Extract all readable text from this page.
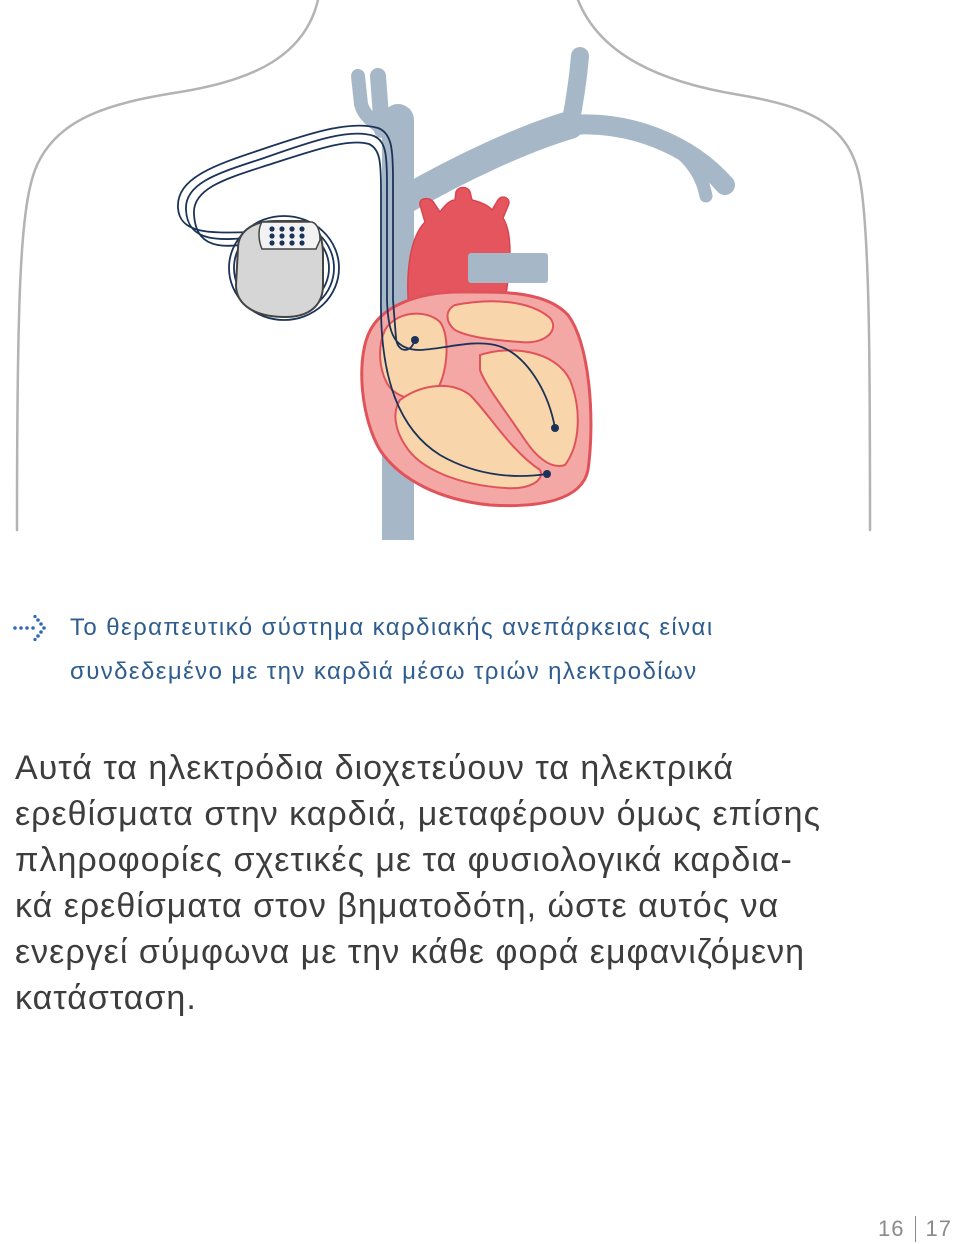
Το θεραπευτικό σύστημα καρδιακής ανεπάρκειας είναι
συνδεδεμένο με την καρδιά μέσω τριών ηλεκτροδίων
Αυτά τα ηλεκτρόδια διοχετεύουν τα ηλεκτρικά
ερεθίσματα στην καρδιά, μεταφέρουν όμως επίσης
πληροφορίες σχετικές με τα φυσιολογικά καρδια-
κά ερεθίσματα στον βηματοδότη, ώστε αυτός να
ενεργεί σύμφωνα με την κάθε φορά εμφανιζόμενη
κατάσταση.
16 17
